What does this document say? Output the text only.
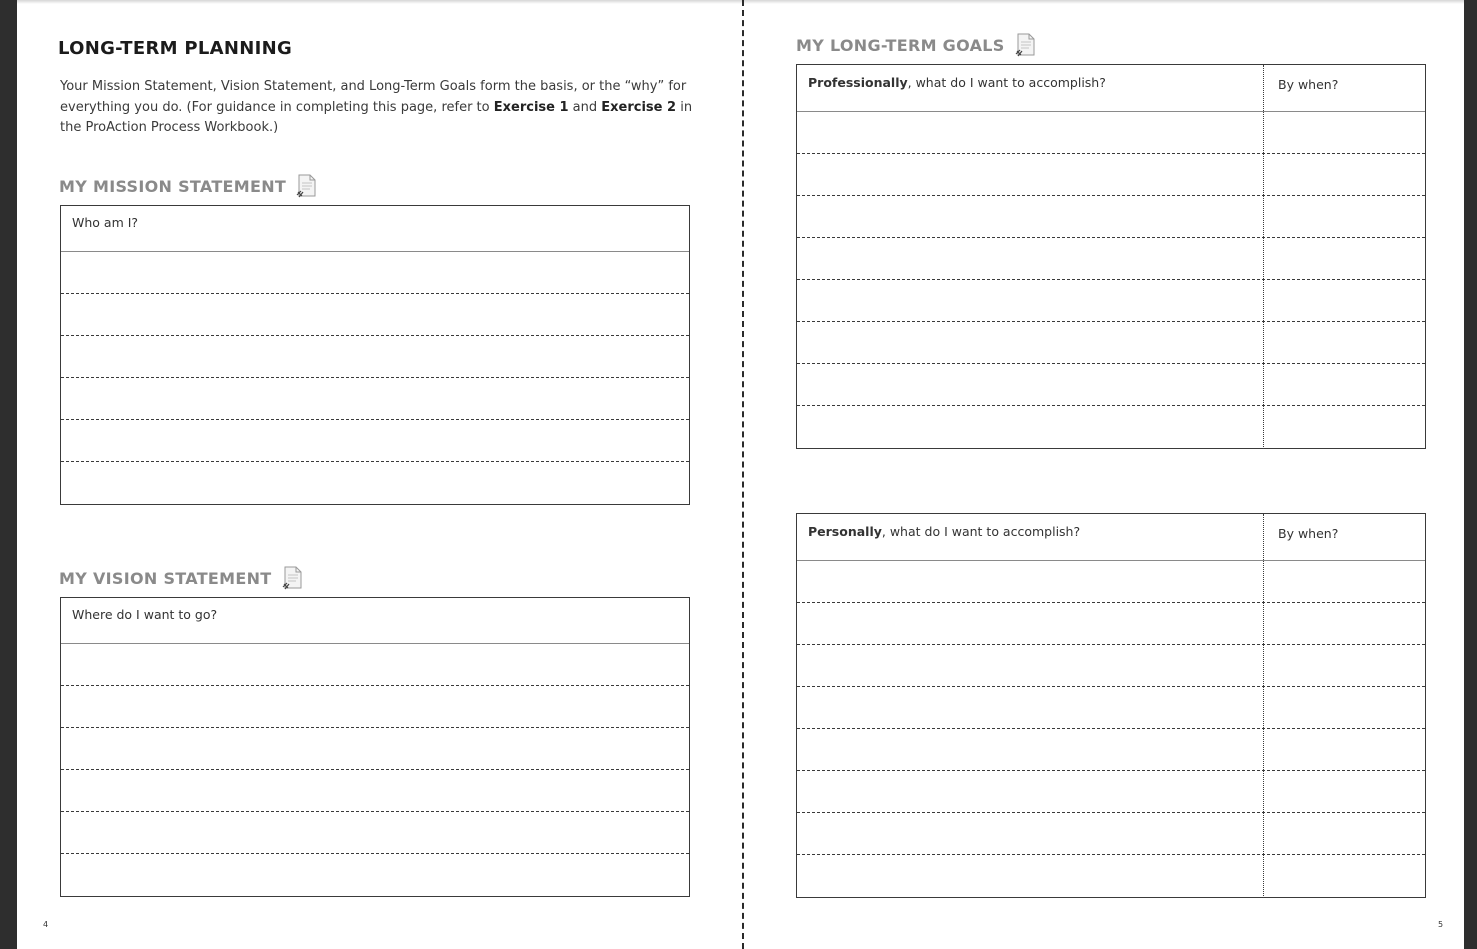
LONG-TERM PLANNING
Your Mission Statement, Vision Statement, and Long-Term Goals form the basis, or the “why” for everything you do. (For guidance in completing this page, refer to Exercise 1 and Exercise 2 in the ProAction Process Workbook.)
MY MISSION STATEMENT
Who am I?
MY VISION STATEMENT
Where do I want to go?
4
MY LONG-TERM GOALS
Professionally, what do I want to accomplish?	By when?
Personally, what do I want to accomplish?	By when?
5
